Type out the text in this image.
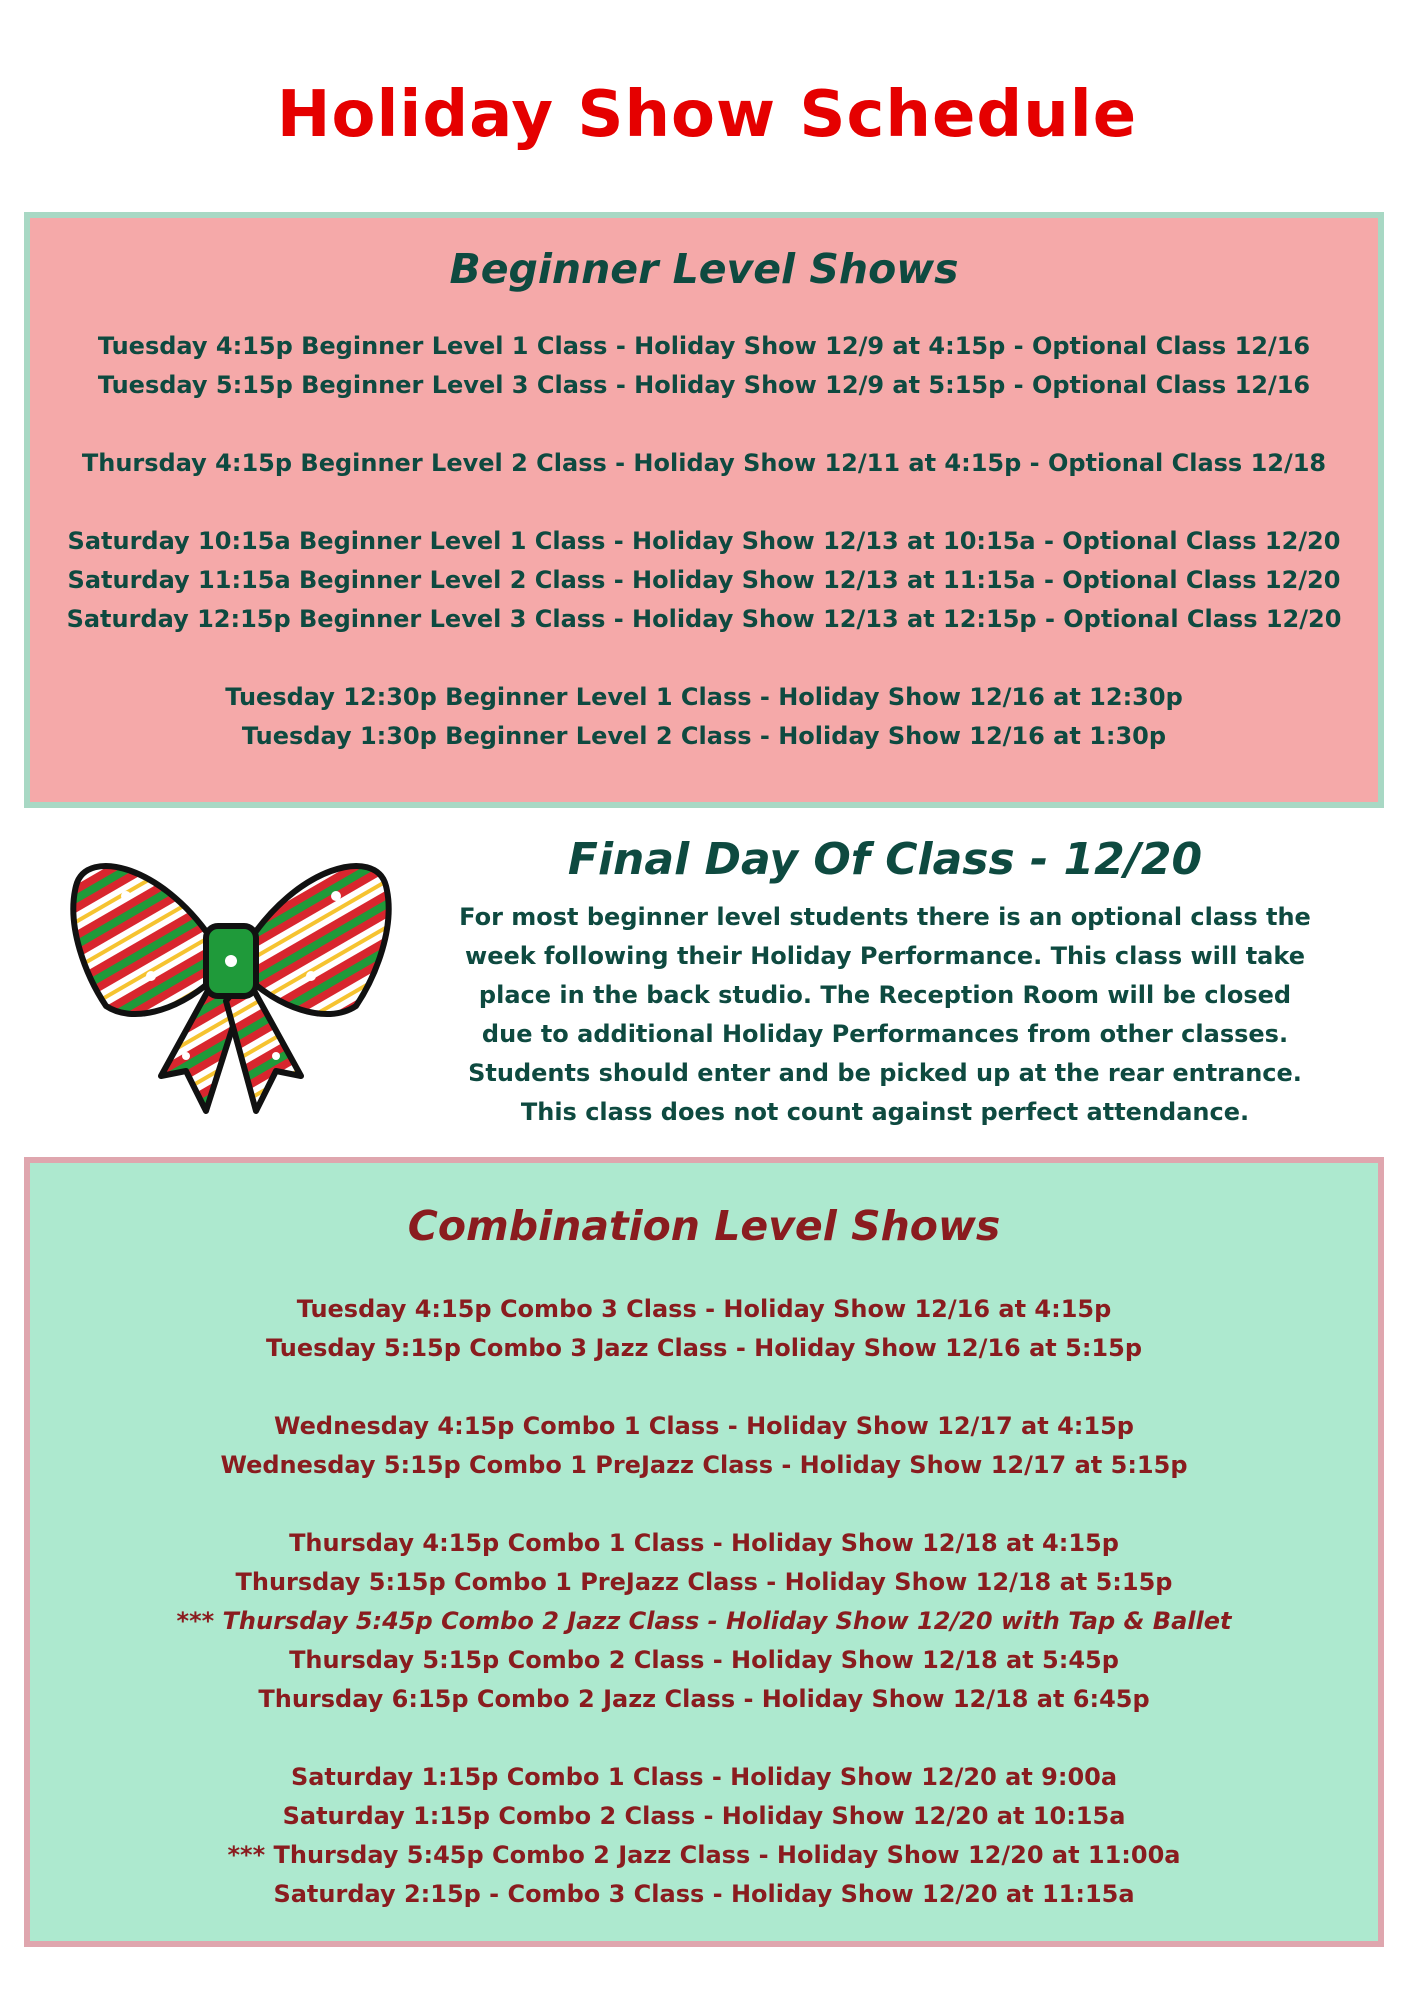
Holiday Show Schedule
Beginner Level Shows
Tuesday 4:15p Beginner Level 1 Class - Holiday Show 12/9 at 4:15p - Optional Class 12/16
Tuesday 5:15p Beginner Level 3 Class - Holiday Show 12/9 at 5:15p - Optional Class 12/16
Thursday 4:15p Beginner Level 2 Class - Holiday Show 12/11 at 4:15p - Optional Class 12/18
Saturday 10:15a Beginner Level 1 Class - Holiday Show 12/13 at 10:15a - Optional Class 12/20
Saturday 11:15a Beginner Level 2 Class - Holiday Show 12/13 at 11:15a - Optional Class 12/20
Saturday 12:15p Beginner Level 3 Class - Holiday Show 12/13 at 12:15p - Optional Class 12/20
Tuesday 12:30p Beginner Level 1 Class - Holiday Show 12/16 at 12:30p
Tuesday 1:30p Beginner Level 2 Class - Holiday Show 12/16 at 1:30p
Final Day Of Class - 12/20
For most beginner level students there is an optional class the
week following their Holiday Performance. This class will take
place in the back studio. The Reception Room will be closed
due to additional Holiday Performances from other classes.
Students should enter and be picked up at the rear entrance.
This class does not count against perfect attendance.
Combination Level Shows
Tuesday 4:15p Combo 3 Class - Holiday Show 12/16 at 4:15p
Tuesday 5:15p Combo 3 Jazz Class - Holiday Show 12/16 at 5:15p
Wednesday 4:15p Combo 1 Class - Holiday Show 12/17 at 4:15p
Wednesday 5:15p Combo 1 PreJazz Class - Holiday Show 12/17 at 5:15p
Thursday 4:15p Combo 1 Class - Holiday Show 12/18 at 4:15p
Thursday 5:15p Combo 1 PreJazz Class - Holiday Show 12/18 at 5:15p
*** Thursday 5:45p Combo 2 Jazz Class - Holiday Show 12/20 with Tap & Ballet
Thursday 5:15p Combo 2 Class - Holiday Show 12/18 at 5:45p
Thursday 6:15p Combo 2 Jazz Class - Holiday Show 12/18 at 6:45p
Saturday 1:15p Combo 1 Class - Holiday Show 12/20 at 9:00a
Saturday 1:15p Combo 2 Class - Holiday Show 12/20 at 10:15a
*** Thursday 5:45p Combo 2 Jazz Class - Holiday Show 12/20 at 11:00a
Saturday 2:15p - Combo 3 Class - Holiday Show 12/20 at 11:15a
